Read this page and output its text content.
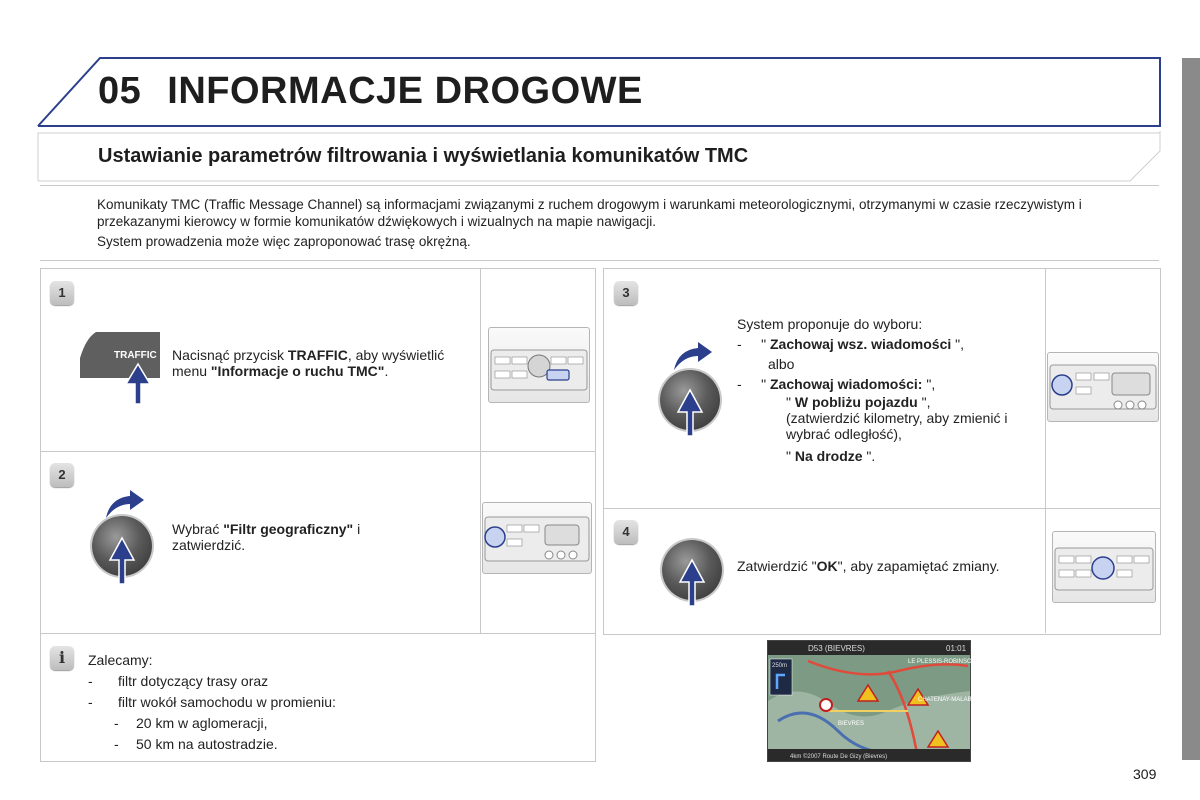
05 INFORMACJE DROGOWE
Ustawianie parametrów filtrowania i wyświetlania komunikatów TMC

Komunikaty TMC (Traffic Message Channel) są informacjami związanymi z ruchem drogowym i warunkami meteorologicznymi, otrzymanymi w czasie rzeczywistym i przekazanymi kierowcy w formie komunikatów dźwiękowych i wizualnych na mapie nawigacji.

System prowadzenia może więc zaproponować trasę okrężną.

1
TRAFFIC Nacisnąć przycisk TRAFFIC, aby wyświetlić menu "Informacje o ruchu TMC".
2
Wybrać "Filtr geograficzny" i zatwierdzić.
3
System proponuje do wyboru:
-     " Zachowaj wsz. wiadomości ",
albo
-     " Zachowaj wiadomości: ",
" W pobliżu pojazdu ",
(zatwierdzić kilometry, aby zmienić i wybrać odległość),
" Na drodze ".
4
Zatwierdzić "OK", aby zapamiętać zmiany.
i	Zalecamy:
- filtr dotyczący trasy oraz
- filtr wokół samochodu w promieniu:
- 20 km w aglomeracji,
- 50 km na autostradzie.
D53 (BIEVRES)	01:01
250m
LE PLESSIS-ROBINSON
CHATENAY-MALABRY
BIEVRES
4km ©2007 Route De Gizy (Bievres)
309
